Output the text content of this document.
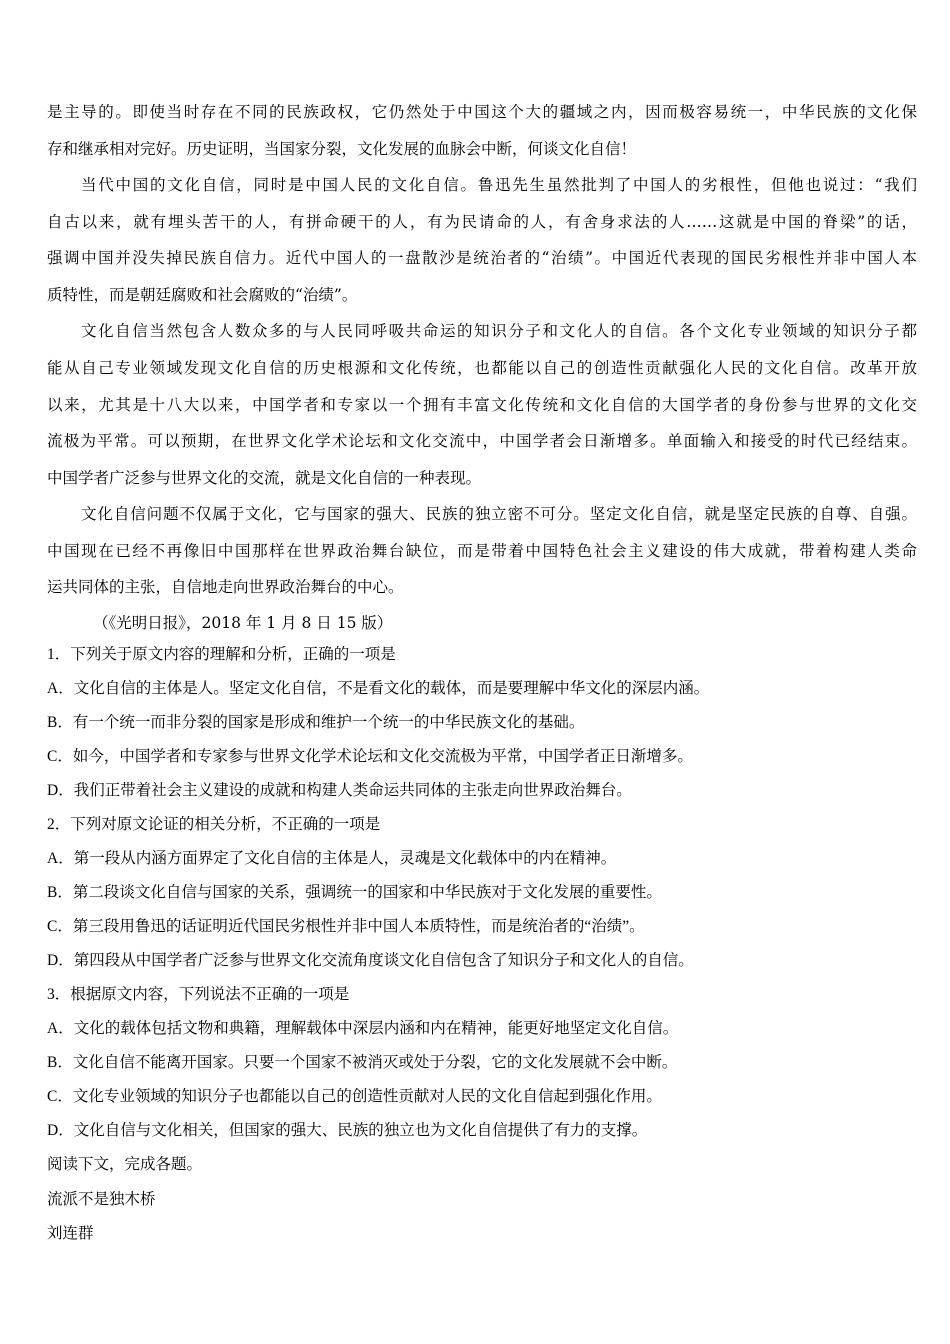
是主导的。即使当时存在不同的民族政权，它仍然处于中国这个大的疆域之内，因而极容易统一，中华民族的文化保
存和继承相对完好。历史证明，当国家分裂，文化发展的血脉会中断，何谈文化自信！
当代中国的文化自信，同时是中国人民的文化自信。鲁迅先生虽然批判了中国人的劣根性，但他也说过：“我们
自古以来，就有埋头苦干的人，有拼命硬干的人，有为民请命的人，有舍身求法的人……这就是中国的脊梁”的话，
强调中国并没失掉民族自信力。近代中国人的一盘散沙是统治者的“治绩”。中国近代表现的国民劣根性并非中国人本
质特性，而是朝廷腐败和社会腐败的“治绩”。
文化自信当然包含人数众多的与人民同呼吸共命运的知识分子和文化人的自信。各个文化专业领域的知识分子都
能从自己专业领域发现文化自信的历史根源和文化传统，也都能以自己的创造性贡献强化人民的文化自信。改革开放
以来，尤其是十八大以来，中国学者和专家以一个拥有丰富文化传统和文化自信的大国学者的身份参与世界的文化交
流极为平常。可以预期，在世界文化学术论坛和文化交流中，中国学者会日渐增多。单面输入和接受的时代已经结束。
中国学者广泛参与世界文化的交流，就是文化自信的一种表现。
文化自信问题不仅属于文化，它与国家的强大、民族的独立密不可分。坚定文化自信，就是坚定民族的自尊、自强。
中国现在已经不再像旧中国那样在世界政治舞台缺位，而是带着中国特色社会主义建设的伟大成就，带着构建人类命
运共同体的主张，自信地走向世界政治舞台的中心。
（《光明日报》，2018 年 1 月 8 日 15 版）
1．下列关于原文内容的理解和分析，正确的一项是
A．文化自信的主体是人。坚定文化自信，不是看文化的载体，而是要理解中华文化的深层内涵。
B．有一个统一而非分裂的国家是形成和维护一个统一的中华民族文化的基础。
C．如今，中国学者和专家参与世界文化学术论坛和文化交流极为平常，中国学者正日渐增多。
D．我们正带着社会主义建设的成就和构建人类命运共同体的主张走向世界政治舞台。
2．下列对原文论证的相关分析，不正确的一项是
A．第一段从内涵方面界定了文化自信的主体是人，灵魂是文化载体中的内在精神。
B．第二段谈文化自信与国家的关系，强调统一的国家和中华民族对于文化发展的重要性。
C．第三段用鲁迅的话证明近代国民劣根性并非中国人本质特性，而是统治者的“治绩”。
D．第四段从中国学者广泛参与世界文化交流角度谈文化自信包含了知识分子和文化人的自信。
3．根据原文内容，下列说法不正确的一项是
A．文化的载体包括文物和典籍，理解载体中深层内涵和内在精神，能更好地坚定文化自信。
B．文化自信不能离开国家。只要一个国家不被消灭或处于分裂，它的文化发展就不会中断。
C．文化专业领域的知识分子也都能以自己的创造性贡献对人民的文化自信起到强化作用。
D．文化自信与文化相关，但国家的强大、民族的独立也为文化自信提供了有力的支撑。
阅读下文，完成各题。
流派不是独木桥
刘连群
